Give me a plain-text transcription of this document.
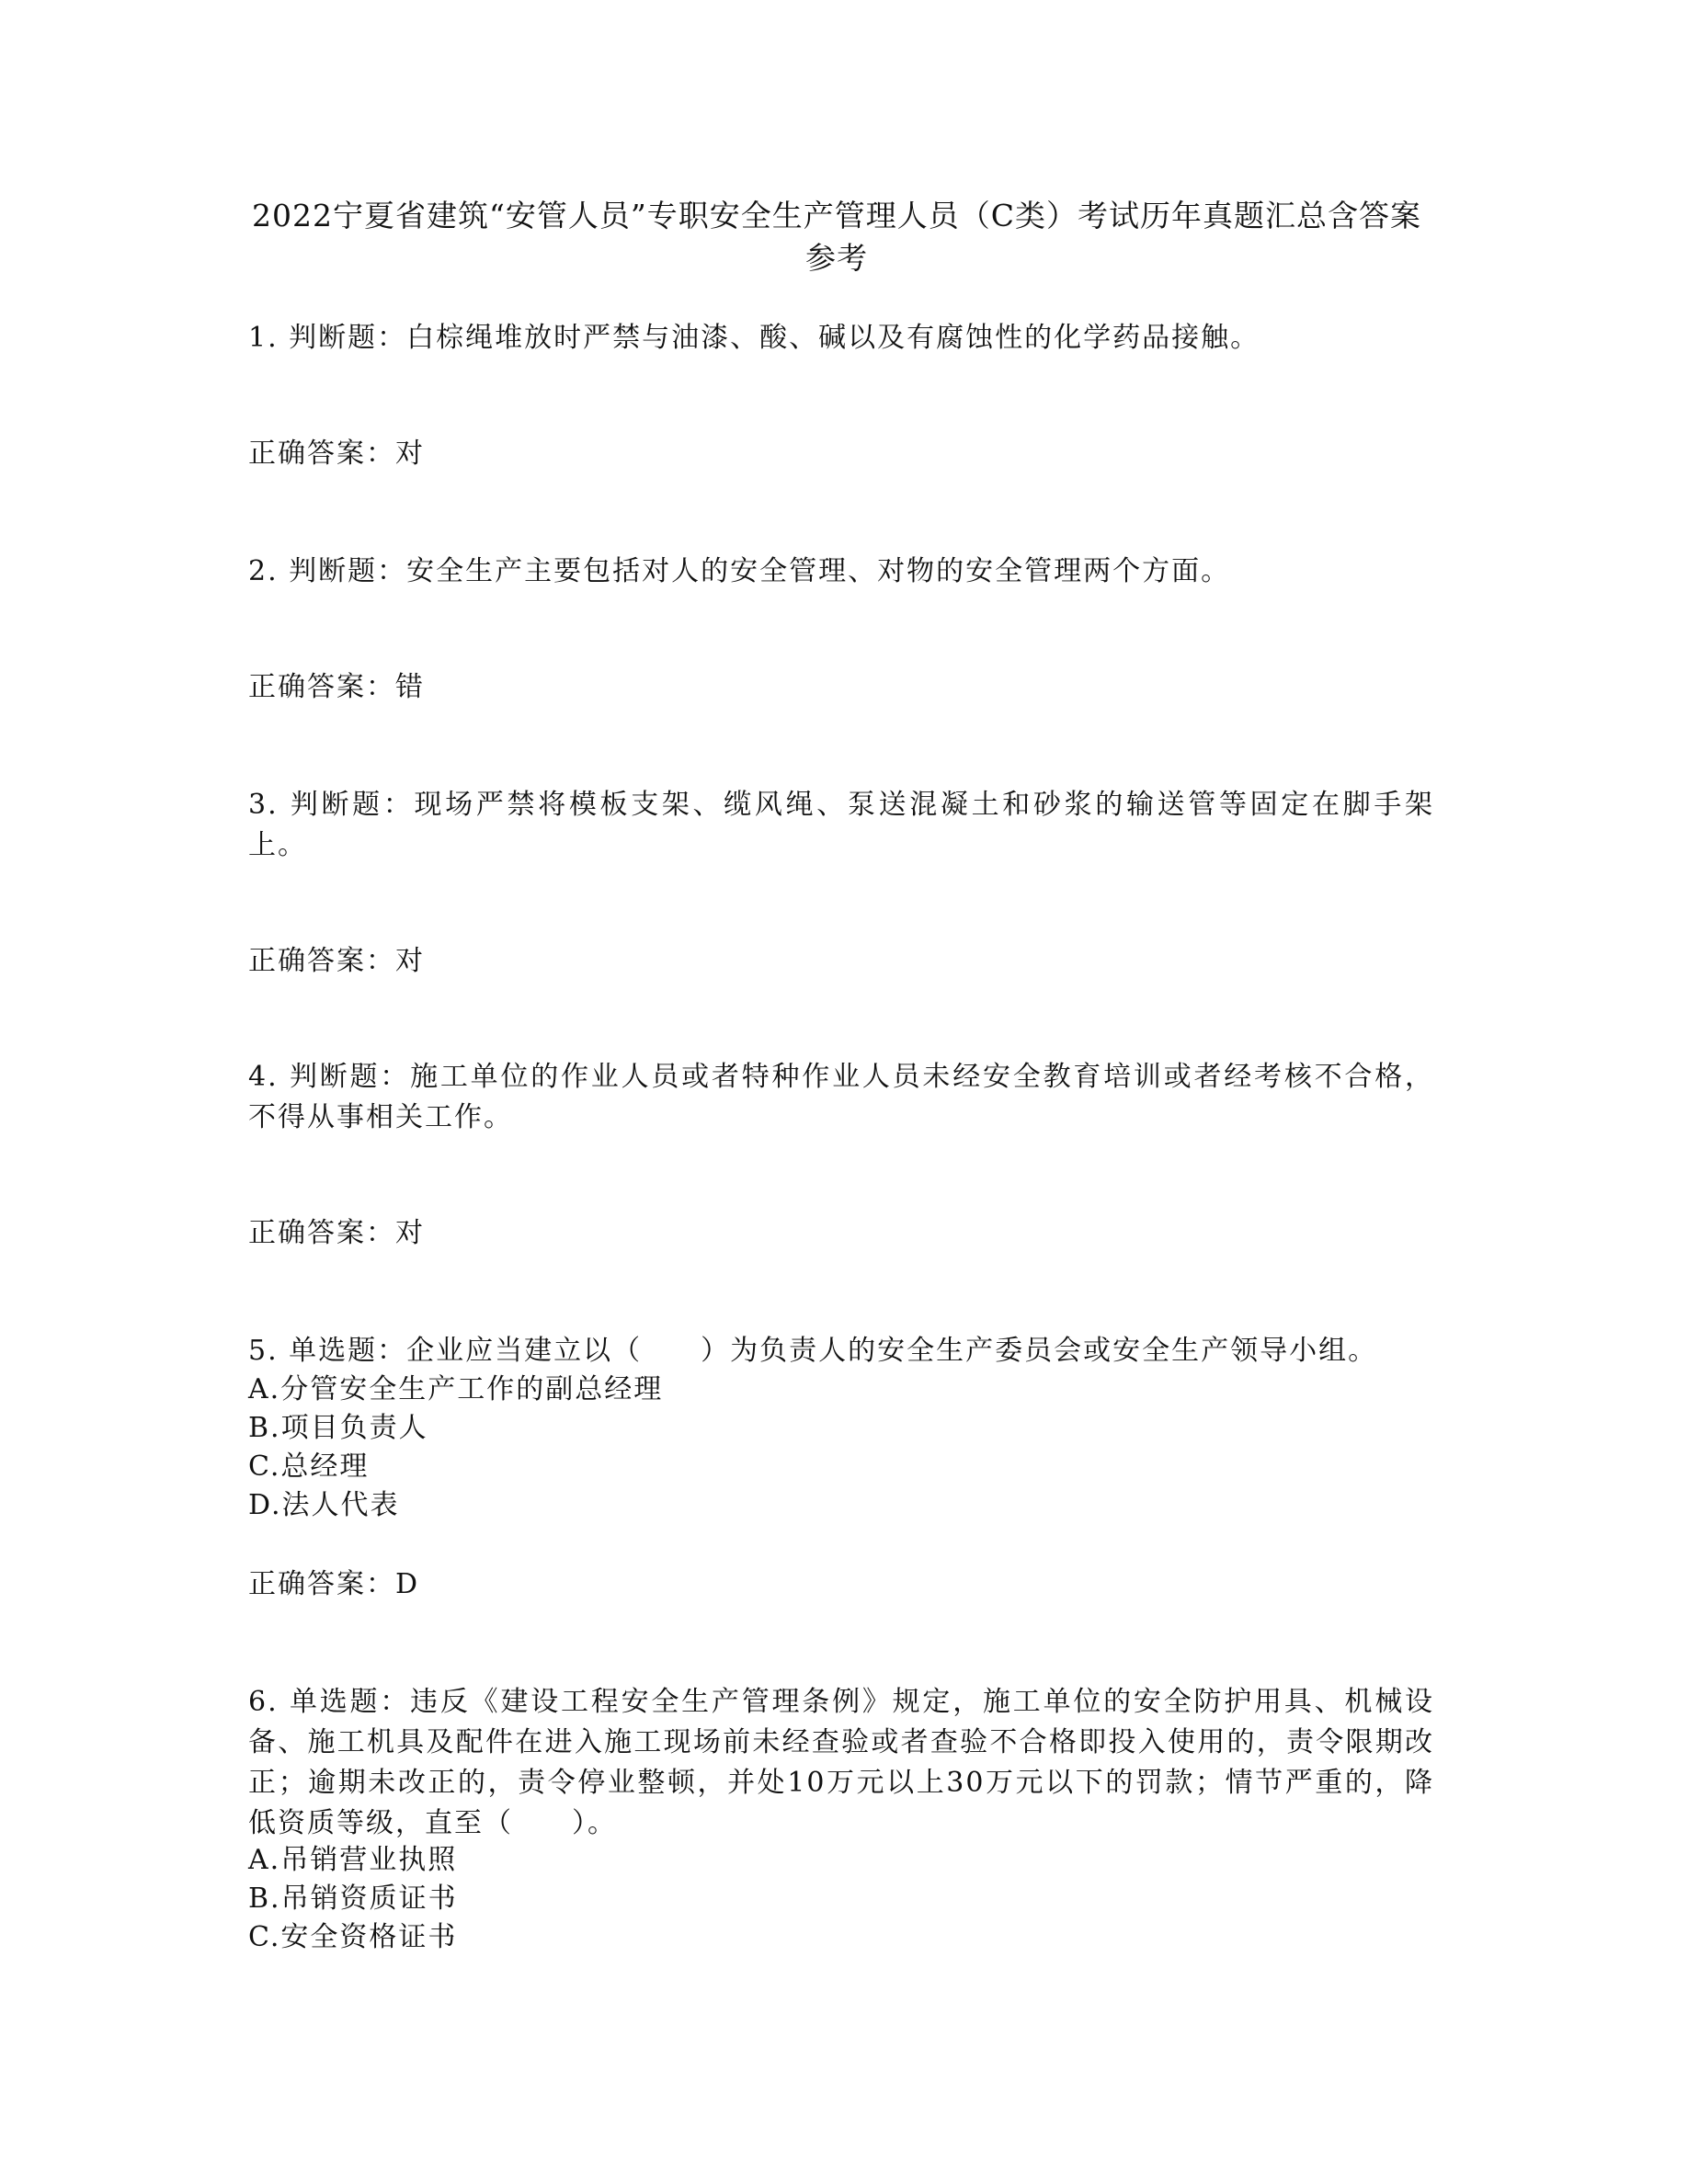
2022宁夏省建筑“安管人员”专职安全生产管理人员（C类）考试历年真题汇总含答案参考
1. 判断题：白棕绳堆放时严禁与油漆、酸、碱以及有腐蚀性的化学药品接触。
正确答案：对
2. 判断题：安全生产主要包括对人的安全管理、对物的安全管理两个方面。
正确答案：错
3. 判断题：现场严禁将模板支架、缆风绳、泵送混凝土和砂浆的输送管等固定在脚手架上。
正确答案：对
4. 判断题：施工单位的作业人员或者特种作业人员未经安全教育培训或者经考核不合格，不得从事相关工作。
正确答案：对
5. 单选题：企业应当建立以（　　）为负责人的安全生产委员会或安全生产领导小组。
A.分管安全生产工作的副总经理
B.项目负责人
C.总经理
D.法人代表
正确答案：D
6. 单选题：违反《建设工程安全生产管理条例》规定，施工单位的安全防护用具、机械设备、施工机具及配件在进入施工现场前未经查验或者查验不合格即投入使用的，责令限期改正；逾期未改正的，责令停业整顿，并处10万元以上30万元以下的罚款；情节严重的，降低资质等级，直至（　　）。
A.吊销营业执照
B.吊销资质证书
C.安全资格证书
